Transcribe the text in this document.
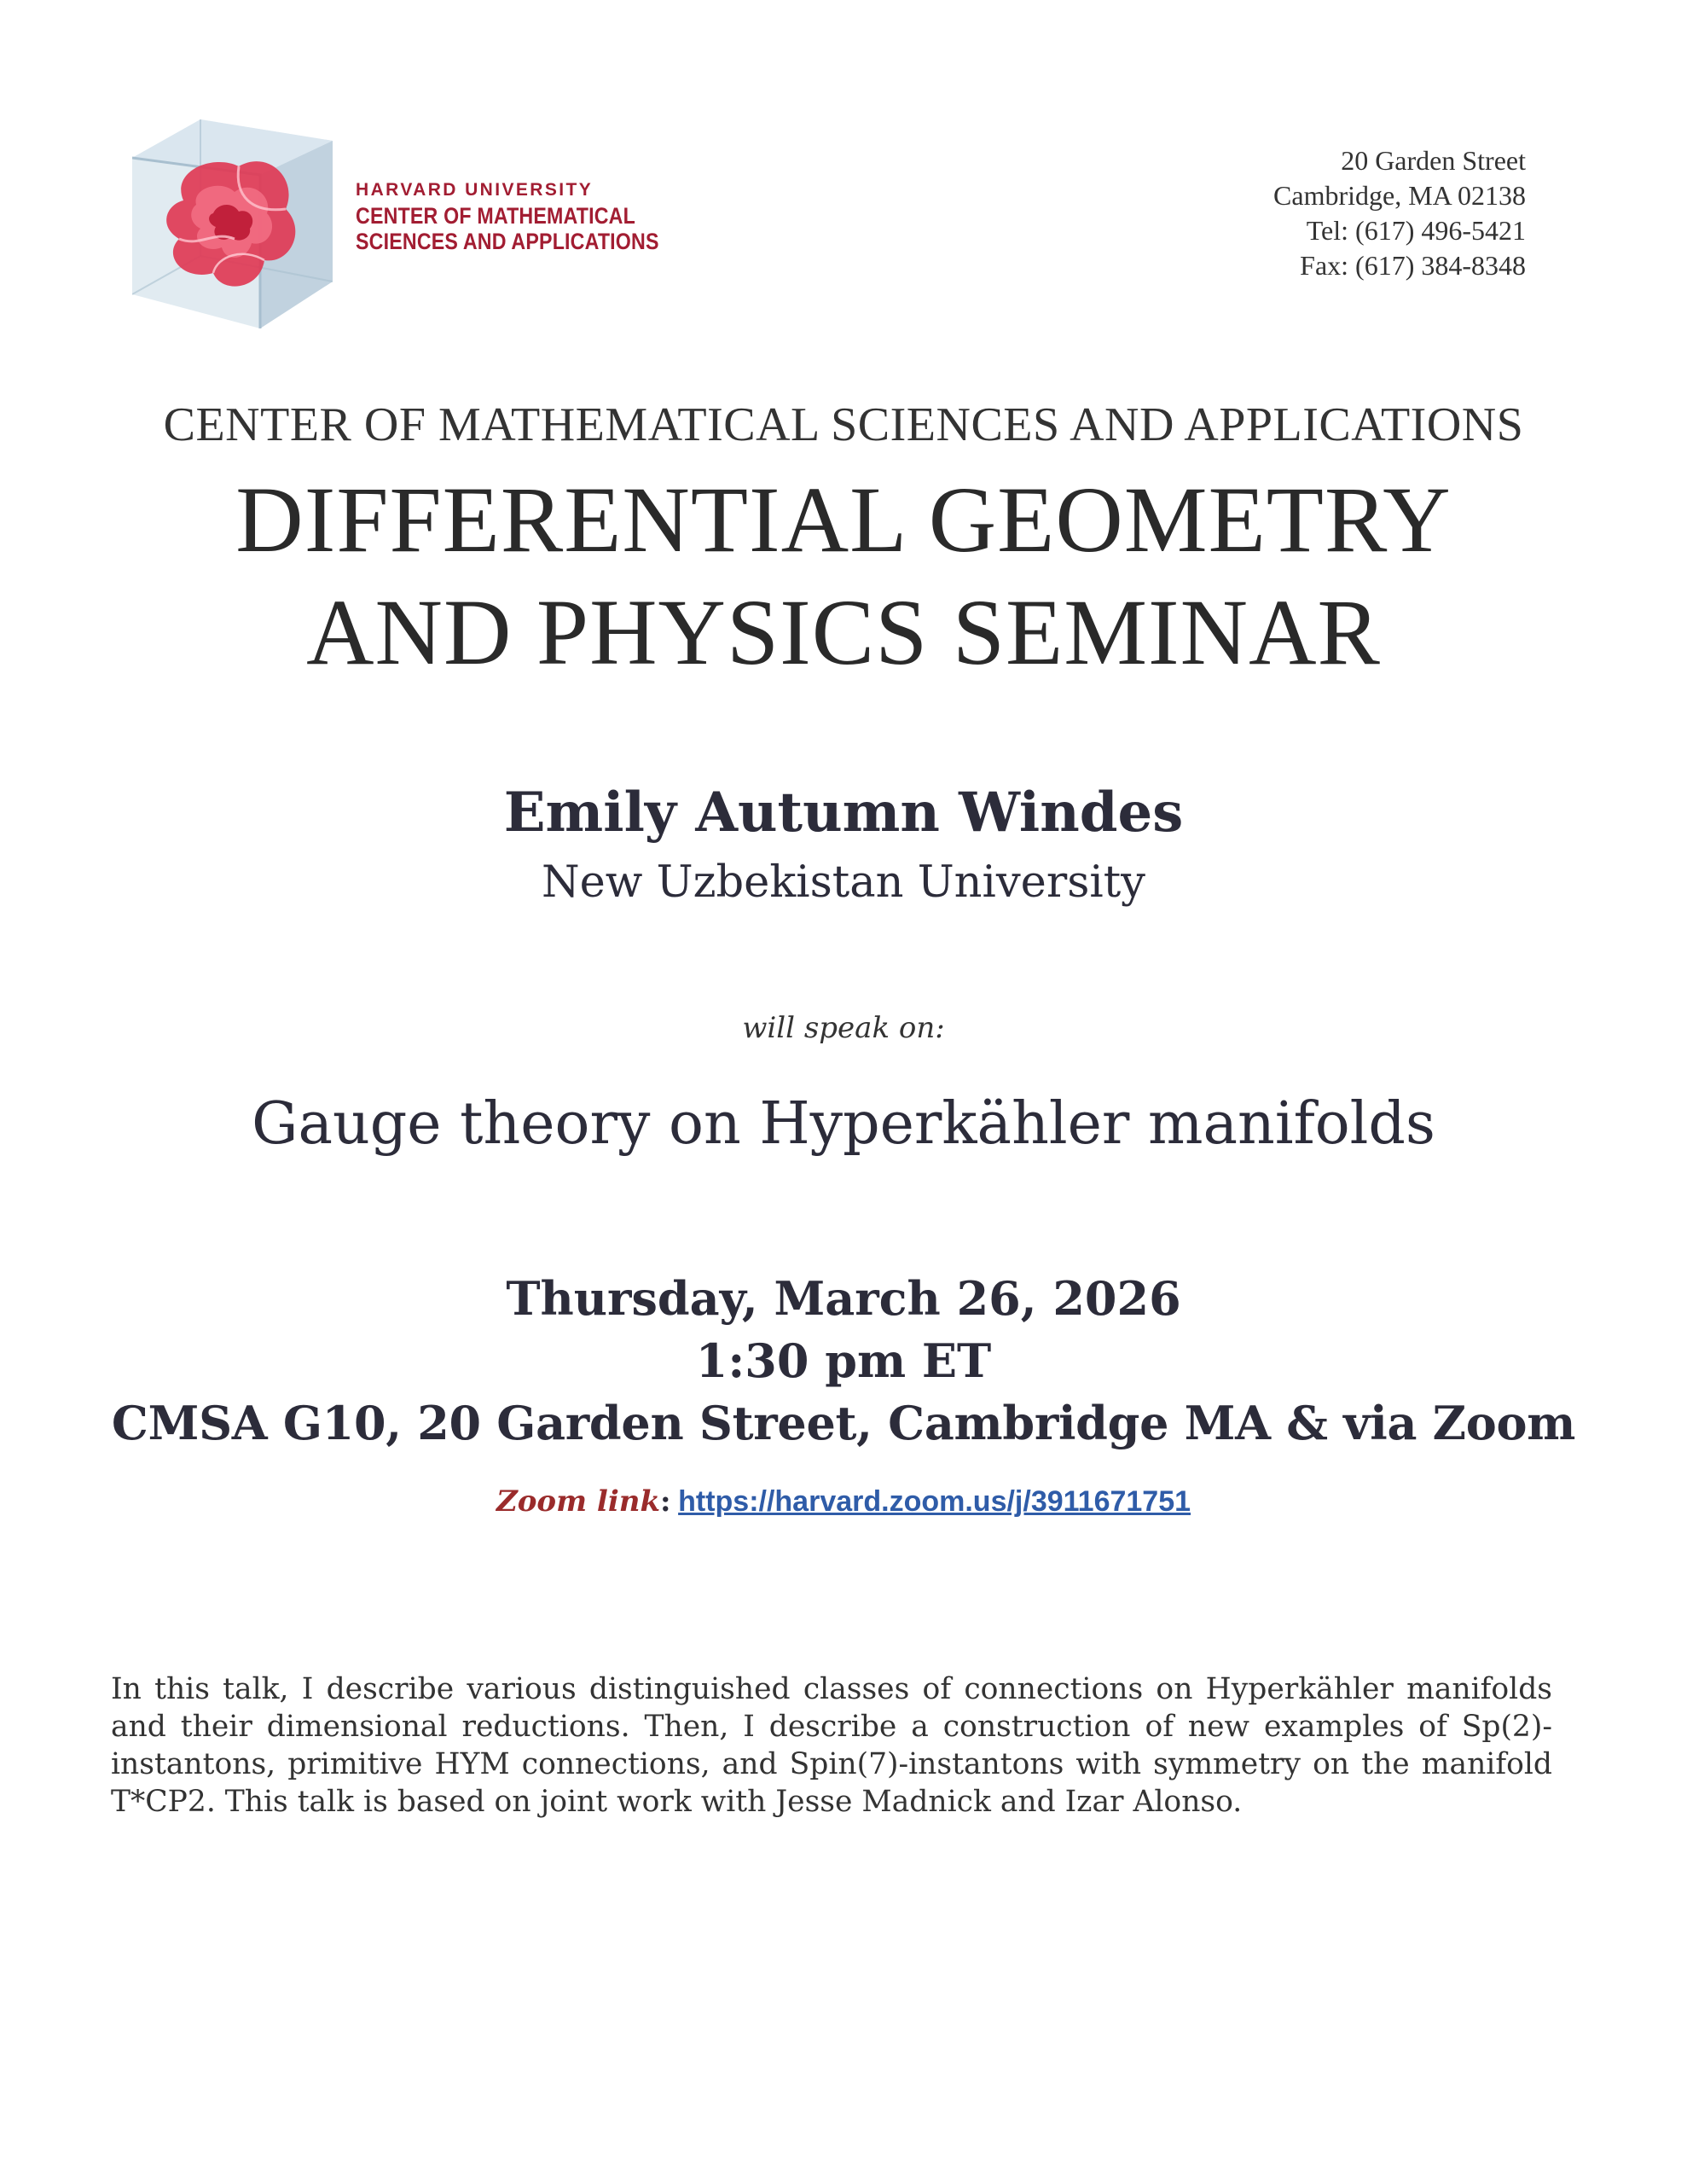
HARVARD UNIVERSITY
CENTER OF MATHEMATICAL
SCIENCES AND APPLICATIONS
20 Garden Street
Cambridge, MA 02138
Tel: (617) 496-5421
Fax: (617) 384-8348
CENTER OF MATHEMATICAL SCIENCES AND APPLICATIONS
DIFFERENTIAL GEOMETRY
AND PHYSICS SEMINAR
Emily Autumn Windes
New Uzbekistan University
will speak on:
Gauge theory on Hyperkähler manifolds
Thursday, March 26, 2026
1:30 pm ET
CMSA G10, 20 Garden Street, Cambridge MA & via Zoom
Zoom link: https://harvard.zoom.us/j/3911671751
In this talk, I describe various distinguished classes of connections on Hyperkähler manifolds and their dimensional reductions. Then, I describe a construction of new examples of Sp(2)-instantons, primitive HYM connections, and Spin(7)-instantons with symmetry on the manifold T*CP2. This talk is based on joint work with Jesse Madnick and Izar Alonso.
